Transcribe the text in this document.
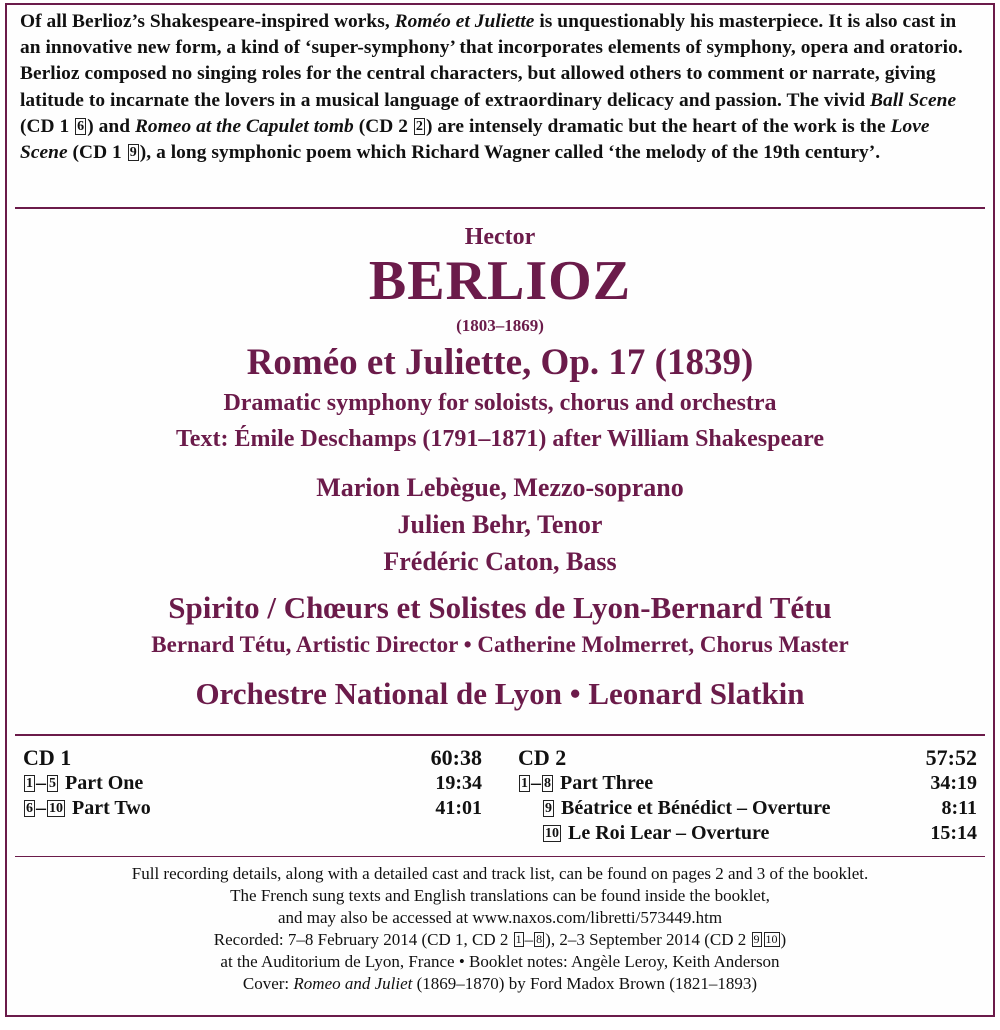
Of all Berlioz’s Shakespeare-inspired works, Roméo et Juliette is unquestionably his masterpiece. It is also cast in an innovative new form, a kind of ‘super-symphony’ that incorporates elements of symphony, opera and oratorio. Berlioz composed no singing roles for the central characters, but allowed others to comment or narrate, giving latitude to incarnate the lovers in a musical language of extraordinary delicacy and passion. The vivid Ball Scene (CD 1 6 ) and Romeo at the Capulet tomb (CD 2 2 ) are intensely dramatic but the heart of the work is the Love Scene (CD 1 9 ), a long symphonic poem which Richard Wagner called ‘the melody of the 19th century’.
Hector
BERLIOZ
(1803–1869)
Roméo et Juliette, Op. 17 (1839)
Dramatic symphony for soloists, chorus and orchestra
Text: Émile Deschamps (1791–1871) after William Shakespeare
Marion Lebègue, Mezzo-soprano
Julien Behr, Tenor
Frédéric Caton, Bass
Spirito / Chœurs et Solistes de Lyon-Bernard Tétu
Bernard Tétu, Artistic Director • Catherine Molmerret, Chorus Master
Orchestre National de Lyon • Leonard Slatkin
CD 1	60:38
1 – 5 Part One	19:34
6 – 10 Part Two	41:01
CD 2	57:52
1 – 8 Part Three	34:19
9 Béatrice et Bénédict – Overture	8:11
10 Le Roi Lear – Overture	15:14
Full recording details, along with a detailed cast and track list, can be found on pages 2 and 3 of the booklet.
The French sung texts and English translations can be found inside the booklet,
and may also be accessed at www.naxos.com/libretti/573449.htm
Recorded: 7–8 February 2014 (CD 1, CD 2 1 – 8 ), 2–3 September 2014 (CD 2 9 10 )
at the Auditorium de Lyon, France • Booklet notes: Angèle Leroy, Keith Anderson
Cover: Romeo and Juliet (1869–1870) by Ford Madox Brown (1821–1893)
